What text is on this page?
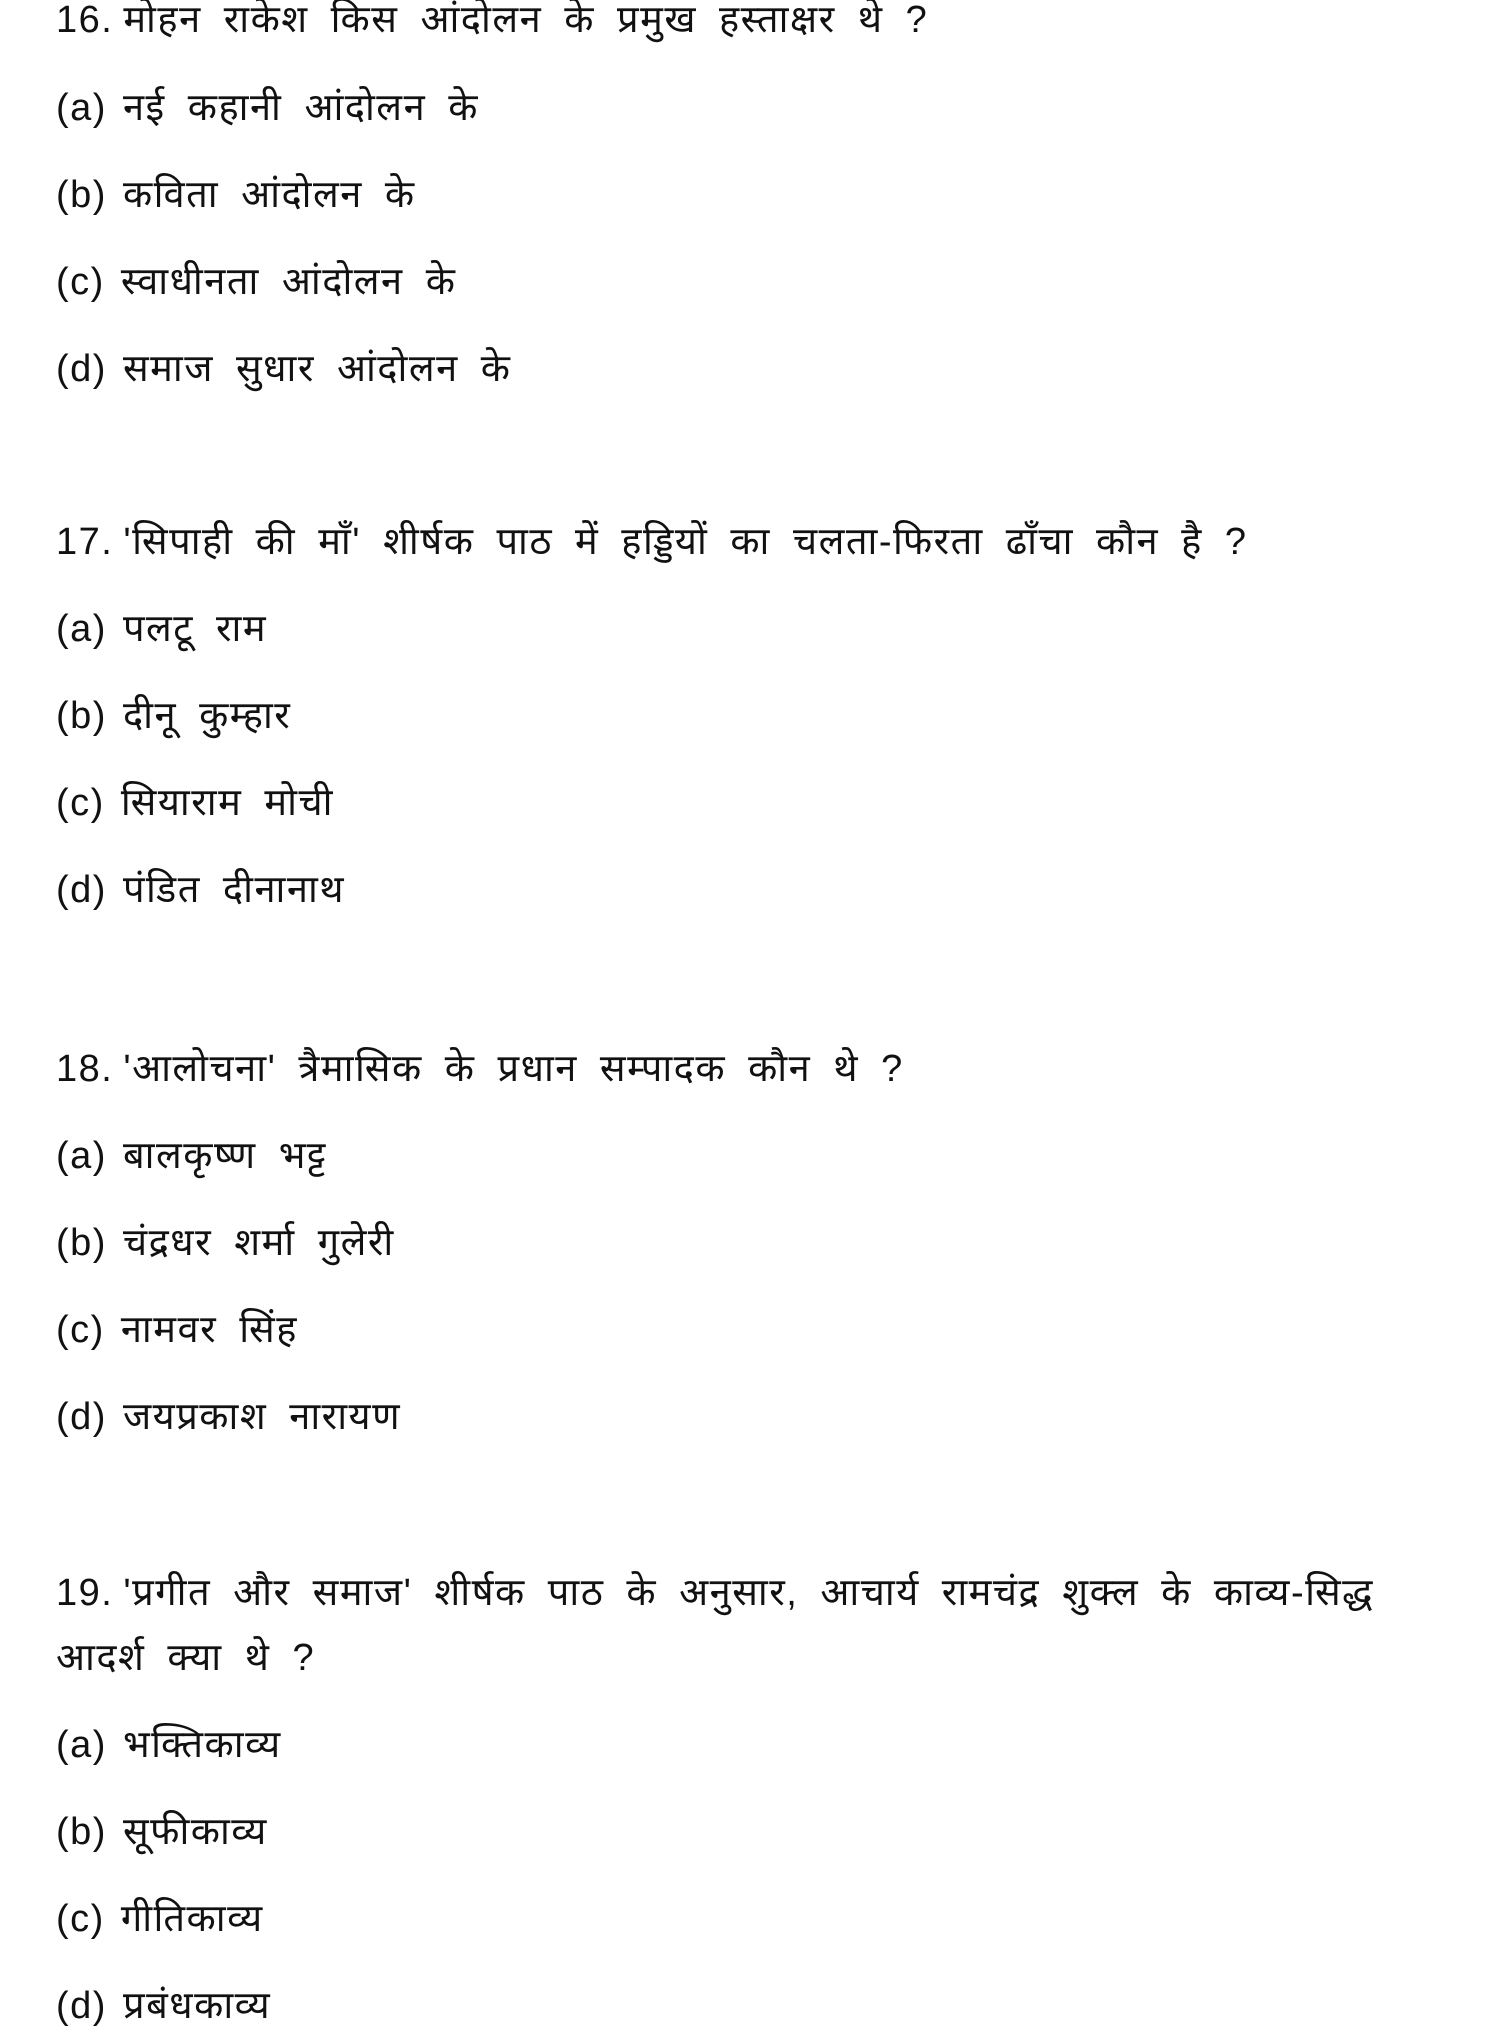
16. मोहन राकेश किस आंदोलन के प्रमुख हस्ताक्षर थे ?
(a) नई कहानी आंदोलन के
(b) कविता आंदोलन के
(c) स्वाधीनता आंदोलन के
(d) समाज सुधार आंदोलन के
17. 'सिपाही की माँ' शीर्षक पाठ में हड्डियों का चलता-फिरता ढाँचा कौन है ?
(a) पलटू राम
(b) दीनू कुम्हार
(c) सियाराम मोची
(d) पंडित दीनानाथ
18. 'आलोचना' त्रैमासिक के प्रधान सम्पादक कौन थे ?
(a) बालकृष्ण भट्ट
(b) चंद्रधर शर्मा गुलेरी
(c) नामवर सिंह
(d) जयप्रकाश नारायण
19. 'प्रगीत और समाज' शीर्षक पाठ के अनुसार, आचार्य रामचंद्र शुक्ल के काव्य-सिद्ध
आदर्श क्या थे ?
(a) भक्तिकाव्य
(b) सूफीकाव्य
(c) गीतिकाव्य
(d) प्रबंधकाव्य
